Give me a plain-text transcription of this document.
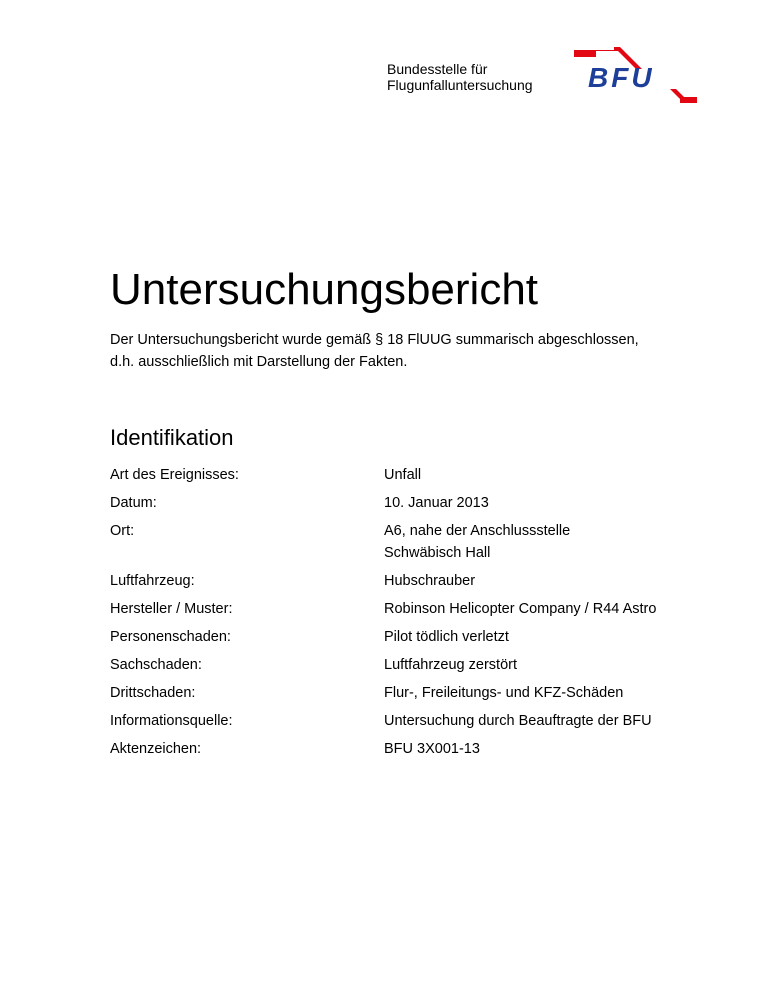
Bundesstelle für
Flugunfalluntersuchung BFU
Untersuchungsbericht
Der Untersuchungsbericht wurde gemäß § 18 FlUUG summarisch abgeschlossen,
d.h. ausschließlich mit Darstellung der Fakten.
Identifikation
Art des Ereignisses:	Unfall
Datum:	10. Januar 2013
Ort:	A6, nahe der Anschlussstelle
Schwäbisch Hall
Luftfahrzeug:	Hubschrauber
Hersteller / Muster:	Robinson Helicopter Company / R44 Astro
Personenschaden:	Pilot tödlich verletzt
Sachschaden:	Luftfahrzeug zerstört
Drittschaden:	Flur-, Freileitungs- und KFZ-Schäden
Informationsquelle:	Untersuchung durch Beauftragte der BFU
Aktenzeichen:	BFU 3X001-13
